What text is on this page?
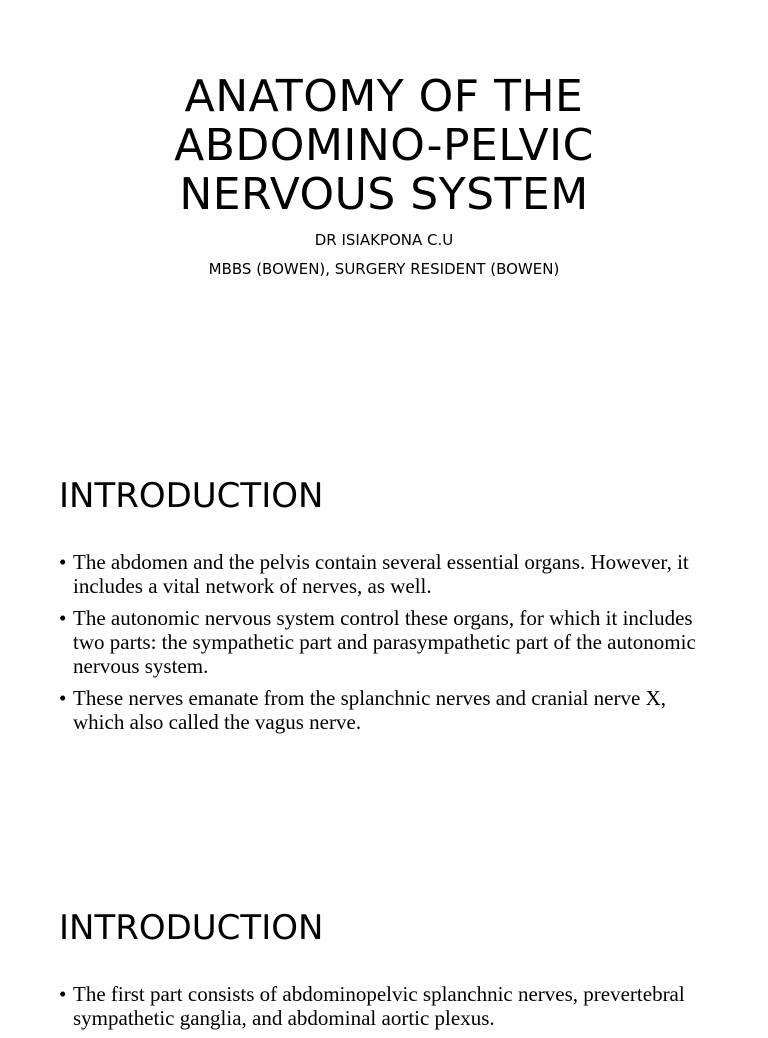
ANATOMY OF THE
ABDOMINO-PELVIC
NERVOUS SYSTEM
DR ISIAKPONA C.U
MBBS (BOWEN), SURGERY RESIDENT (BOWEN)
INTRODUCTION
• The abdomen and the pelvis contain several essential organs. However, it includes a vital network of nerves, as well.
• The autonomic nervous system control these organs, for which it includes two parts: the sympathetic part and parasympathetic part of the autonomic nervous system.
• These nerves emanate from the splanchnic nerves and cranial nerve X, which also called the vagus nerve.
INTRODUCTION
• The first part consists of abdominopelvic splanchnic nerves, prevertebral sympathetic ganglia, and abdominal aortic plexus.
